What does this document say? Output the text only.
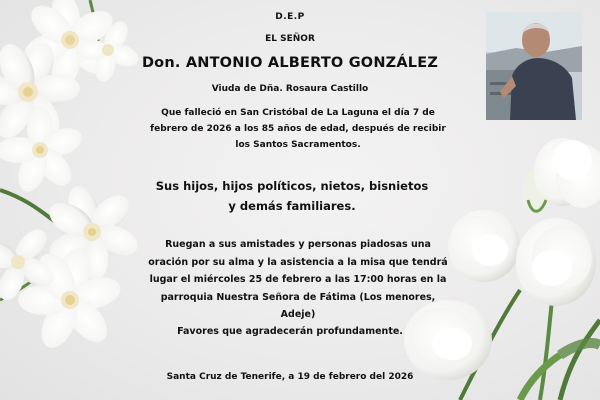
D.E.P
EL SEÑOR
Don. ANTONIO ALBERTO GONZÁLEZ
Viuda de Dña. Rosaura Castillo
Que falleció en San Cristóbal de La Laguna el día 7 de febrero de 2026 a los 85 años de edad, después de recibir los Santos Sacramentos.
Sus hijos, hijos políticos, nietos, bisnietos y demás familiares.
Ruegan a sus amistades y personas piadosas una oración por su alma y la asistencia a la misa que tendrá lugar el miércoles 25 de febrero a las 17:00 horas en la parroquia Nuestra Señora de Fátima (Los menores, Adeje)
Favores que agradecerán profundamente.
Santa Cruz de Tenerife, a 19 de febrero del 2026
